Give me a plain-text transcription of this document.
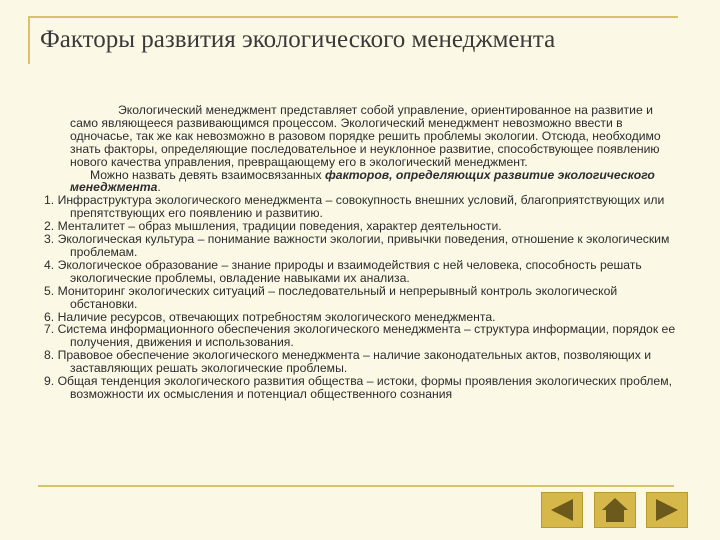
Факторы развития экологического менеджмента

Экологический менеджмент представляет собой управление, ориентированное на развитие и само являющееся развивающимся процессом. Экологический менеджмент невозможно ввести в одночасье, так же как невозможно в разовом порядке решить проблемы экологии. Отсюда, необходимо знать факторы, определяющие последовательное и неуклонное развитие, способствующее появлению нового качества управления, превращающему его в экологический менеджмент.

Можно назвать девять взаимосвязанных факторов, определяющих развитие экологического менеджмента.

1. Инфраструктура экологического менеджмента – совокупность внешних условий, благоприятствующих или препятствующих его появлению и развитию.

2. Менталитет – образ мышления, традиции поведения, характер деятельности.

3. Экологическая культура – понимание важности экологии, привычки поведения, отношение к экологическим проблемам.

4. Экологическое образование – знание природы и взаимодействия с ней человека, способность решать экологические проблемы, овладение навыками их анализа.

5. Мониторинг экологических ситуаций – последовательный и непрерывный контроль экологической обстановки.

6. Наличие ресурсов, отвечающих потребностям экологического менеджмента.

7. Система информационного обеспечения экологического менеджмента – структура информации, порядок ее получения, движения и использования.

8. Правовое обеспечение экологического менеджмента – наличие законодательных актов, позволяющих и заставляющих решать экологические проблемы.

9. Общая тенденция экологического развития общества – истоки, формы проявления экологических проблем, возможности их осмысления и потенциал общественного сознания
